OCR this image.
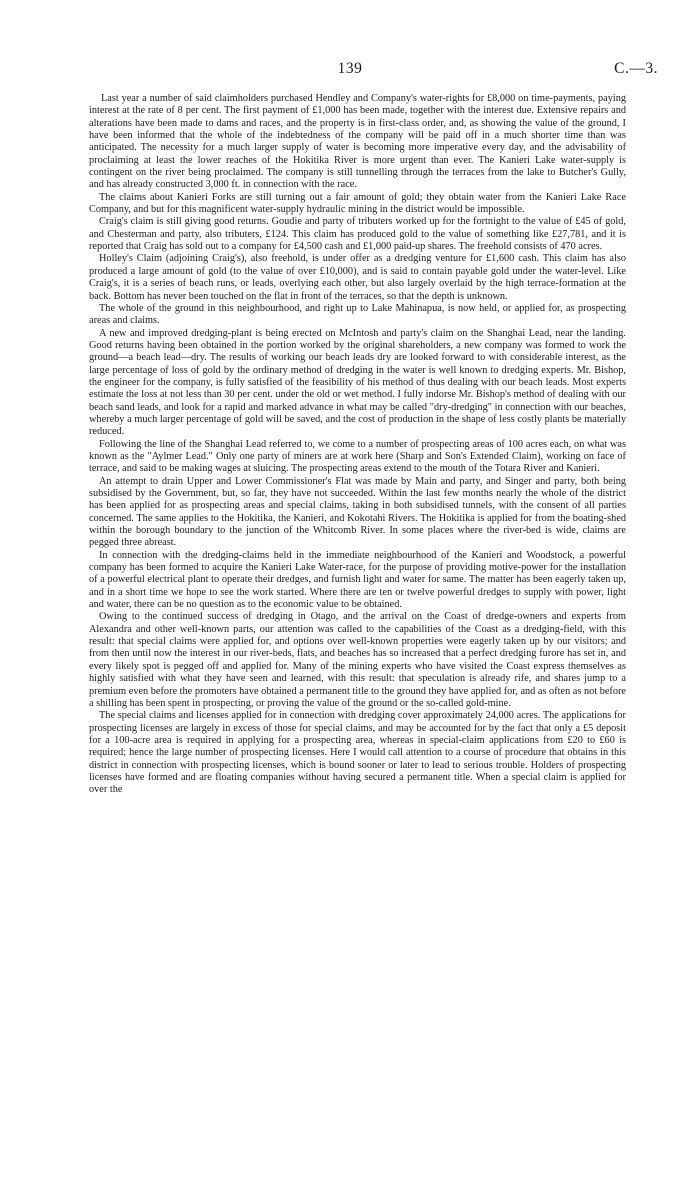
139	C.—3.

Last year a number of said claimholders purchased Hendley and Company's water-rights for £8,000 on time-payments, paying interest at the rate of 8 per cent. The first payment of £1,000 has been made, together with the interest due. Extensive repairs and alterations have been made to dams and races, and the property is in first-class order, and, as showing the value of the ground, I have been informed that the whole of the indebtedness of the company will be paid off in a much shorter time than was anticipated. The necessity for a much larger supply of water is becoming more imperative every day, and the advisability of proclaiming at least the lower reaches of the Hokitika River is more urgent than ever. The Kanieri Lake water-supply is contingent on the river being proclaimed. The company is still tunnelling through the terraces from the lake to Butcher's Gully, and has already constructed 3,000 ft. in connection with the race.

The claims about Kanieri Forks are still turning out a fair amount of gold; they obtain water from the Kanieri Lake Race Company, and but for this magnificent water-supply hydraulic mining in the district would be impossible.

Craig's claim is still giving good returns. Goudie and party of tributers worked up for the fortnight to the value of £45 of gold, and Chesterman and party, also tributers, £124. This claim has produced gold to the value of something like £27,781, and it is reported that Craig has sold out to a company for £4,500 cash and £1,000 paid-up shares. The freehold consists of 470 acres.

Holley's Claim (adjoining Craig's), also freehold, is under offer as a dredging venture for £1,600 cash. This claim has also produced a large amount of gold (to the value of over £10,000), and is said to contain payable gold under the water-level. Like Craig's, it is a series of beach runs, or leads, overlying each other, but also largely overlaid by the high terrace-formation at the back. Bottom has never been touched on the flat in front of the terraces, so that the depth is unknown.

The whole of the ground in this neighbourhood, and right up to Lake Mahinapua, is now held, or applied for, as prospecting areas and claims.

A new and improved dredging-plant is being erected on McIntosh and party's claim on the Shanghai Lead, near the landing. Good returns having been obtained in the portion worked by the original shareholders, a new company was formed to work the ground—a beach lead—dry. The results of working our beach leads dry are looked forward to with considerable interest, as the large percentage of loss of gold by the ordinary method of dredging in the water is well known to dredging experts. Mr. Bishop, the engineer for the company, is fully satisfied of the feasibility of his method of thus dealing with our beach leads. Most experts estimate the loss at not less than 30 per cent. under the old or wet method. I fully indorse Mr. Bishop's method of dealing with our beach sand leads, and look for a rapid and marked advance in what may be called "dry-dredging" in connection with our beaches, whereby a much larger percentage of gold will be saved, and the cost of production in the shape of less costly plants be materially reduced.

Following the line of the Shanghai Lead referred to, we come to a number of prospecting areas of 100 acres each, on what was known as the "Aylmer Lead." Only one party of miners are at work here (Sharp and Son's Extended Claim), working on face of terrace, and said to be making wages at sluicing. The prospecting areas extend to the mouth of the Totara River and Kanieri.

An attempt to drain Upper and Lower Commissioner's Flat was made by Main and party, and Singer and party, both being subsidised by the Government, but, so far, they have not succeeded. Within the last few months nearly the whole of the district has been applied for as prospecting areas and special claims, taking in both subsidised tunnels, with the consent of all parties concerned. The same applies to the Hokitika, the Kanieri, and Kokotahi Rivers. The Hokitika is applied for from the boating-shed within the borough boundary to the junction of the Whitcomb River. In some places where the river-bed is wide, claims are pegged three abreast.

In connection with the dredging-claims held in the immediate neighbourhood of the Kanieri and Woodstock, a powerful company has been formed to acquire the Kanieri Lake Water-race, for the purpose of providing motive-power for the installation of a powerful electrical plant to operate their dredges, and furnish light and water for same. The matter has been eagerly taken up, and in a short time we hope to see the work started. Where there are ten or twelve powerful dredges to supply with power, light and water, there can be no question as to the economic value to be obtained.

Owing to the continued success of dredging in Otago, and the arrival on the Coast of dredge-owners and experts from Alexandra and other well-known parts, our attention was called to the capabilities of the Coast as a dredging-field, with this result: that special claims were applied for, and options over well-known properties were eagerly taken up by our visitors; and from then until now the interest in our river-beds, flats, and beaches has so increased that a perfect dredging furore has set in, and every likely spot is pegged off and applied for. Many of the mining experts who have visited the Coast express themselves as highly satisfied with what they have seen and learned, with this result: that speculation is already rife, and shares jump to a premium even before the promoters have obtained a permanent title to the ground they have applied for, and as often as not before a shilling has been spent in prospecting, or proving the value of the ground or the so-called gold-mine.

The special claims and licenses applied for in connection with dredging cover approximately 24,000 acres. The applications for prospecting licenses are largely in excess of those for special claims, and may be accounted for by the fact that only a £5 deposit for a 100-acre area is required in applying for a prospecting area, whereas in special-claim applications from £20 to £60 is required; hence the large number of prospecting licenses. Here I would call attention to a course of procedure that obtains in this district in connection with prospecting licenses, which is bound sooner or later to lead to serious trouble. Holders of prospecting licenses have formed and are floating companies without having secured a permanent title. When a special claim is applied for over the
